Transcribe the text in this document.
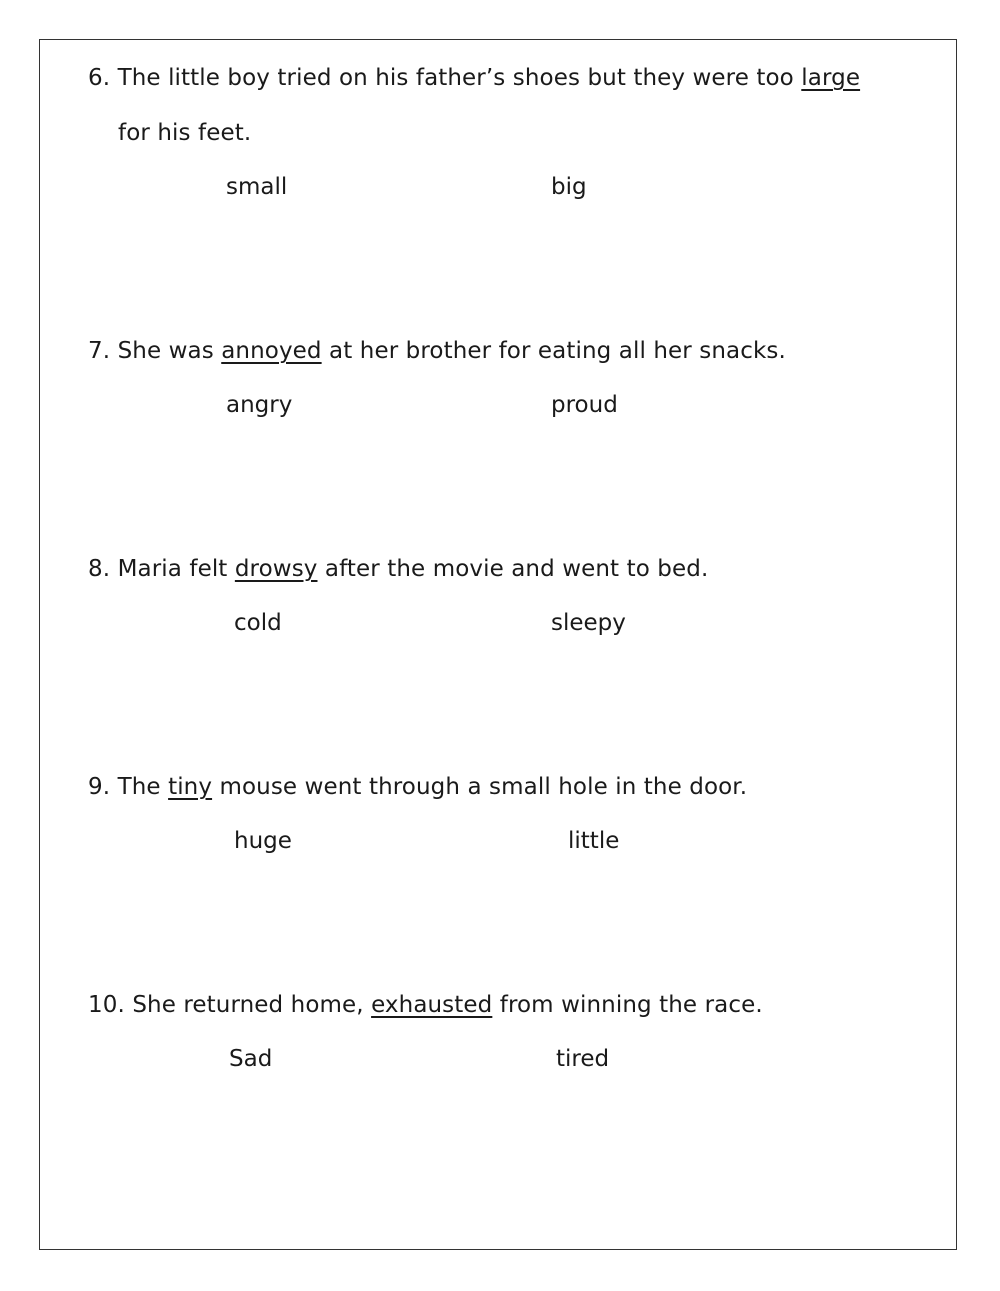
6. The little boy tried on his father’s shoes but they were too large
for his feet.
small	big
7. She was annoyed at her brother for eating all her snacks.
angry	proud
8. Maria felt drowsy after the movie and went to bed.
cold	sleepy
9. The tiny mouse went through a small hole in the door.
huge	little
10. She returned home, exhausted from winning the race.
Sad	tired
